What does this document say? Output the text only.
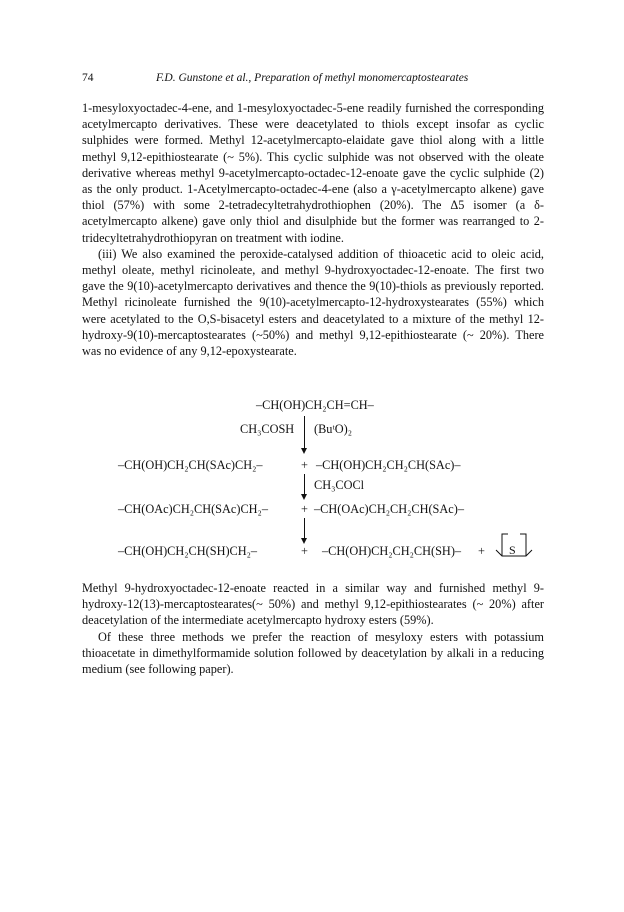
74	F.D. Gunstone et al., Preparation of methyl monomercaptostearates

1-mesyloxyoctadec-4-ene, and 1-mesyloxyoctadec-5-ene readily furnished the corresponding acetylmercapto derivatives. These were deacetylated to thiols except insofar as cyclic sulphides were formed. Methyl 12-acetylmercapto-elaidate gave thiol along with a little methyl 9,12-epithiostearate (~ 5%). This cyclic sulphide was not observed with the oleate derivative whereas methyl 9-acetylmercapto-octadec-12-enoate gave the cyclic sulphide (2) as the only product. 1-Acetylmercapto-octadec-4-ene (also a γ-acetylmercapto alkene) gave thiol (57%) with some 2-tetradecyltetrahydrothiophen (20%). The Δ5 isomer (a δ-acetylmercapto alkene) gave only thiol and disulphide but the former was rearranged to 2-tridecyltetrahydrothiopyran on treatment with iodine.

(iii) We also examined the peroxide-catalysed addition of thioacetic acid to oleic acid, methyl oleate, methyl ricinoleate, and methyl 9-hydroxyoctadec-12-enoate. The first two gave the 9(10)-acetylmercapto derivatives and thence the 9(10)-thiols as previously reported. Methyl ricinoleate furnished the 9(10)-acetylmercapto-12-hydroxystearates (55%) which were acetylated to the O,S-bisacetyl esters and deacetylated to a mixture of the methyl 12-hydroxy-9(10)-mercaptostearates (~50%) and methyl 9,12-epithiostearate (~ 20%). There was no evidence of any 9,12-epoxystearate.

–CH(OH)CH₂CH=CH–
CH₃COSH (BuᵗO)₂
–CH(OH)CH₂CH(SAc)CH₂–	+ –CH(OH)CH₂CH₂CH(SAc)–
CH₃COCl
–CH(OAc)CH₂CH(SAc)CH₂–	+ –CH(OAc)CH₂CH₂CH(SAc)–
–CH(OH)CH₂CH(SH)CH₂–	+ –CH(OH)CH₂CH₂CH(SH)– + S

Methyl 9-hydroxyoctadec-12-enoate reacted in a similar way and furnished methyl 9-hydroxy-12(13)-mercaptostearates(~ 50%) and methyl 9,12-epithiostearates (~ 20%) after deacetylation of the intermediate acetylmercapto hydroxy esters (59%).

Of these three methods we prefer the reaction of mesyloxy esters with potassium thioacetate in dimethylformamide solution followed by deacetylation by alkali in a reducing medium (see following paper).
